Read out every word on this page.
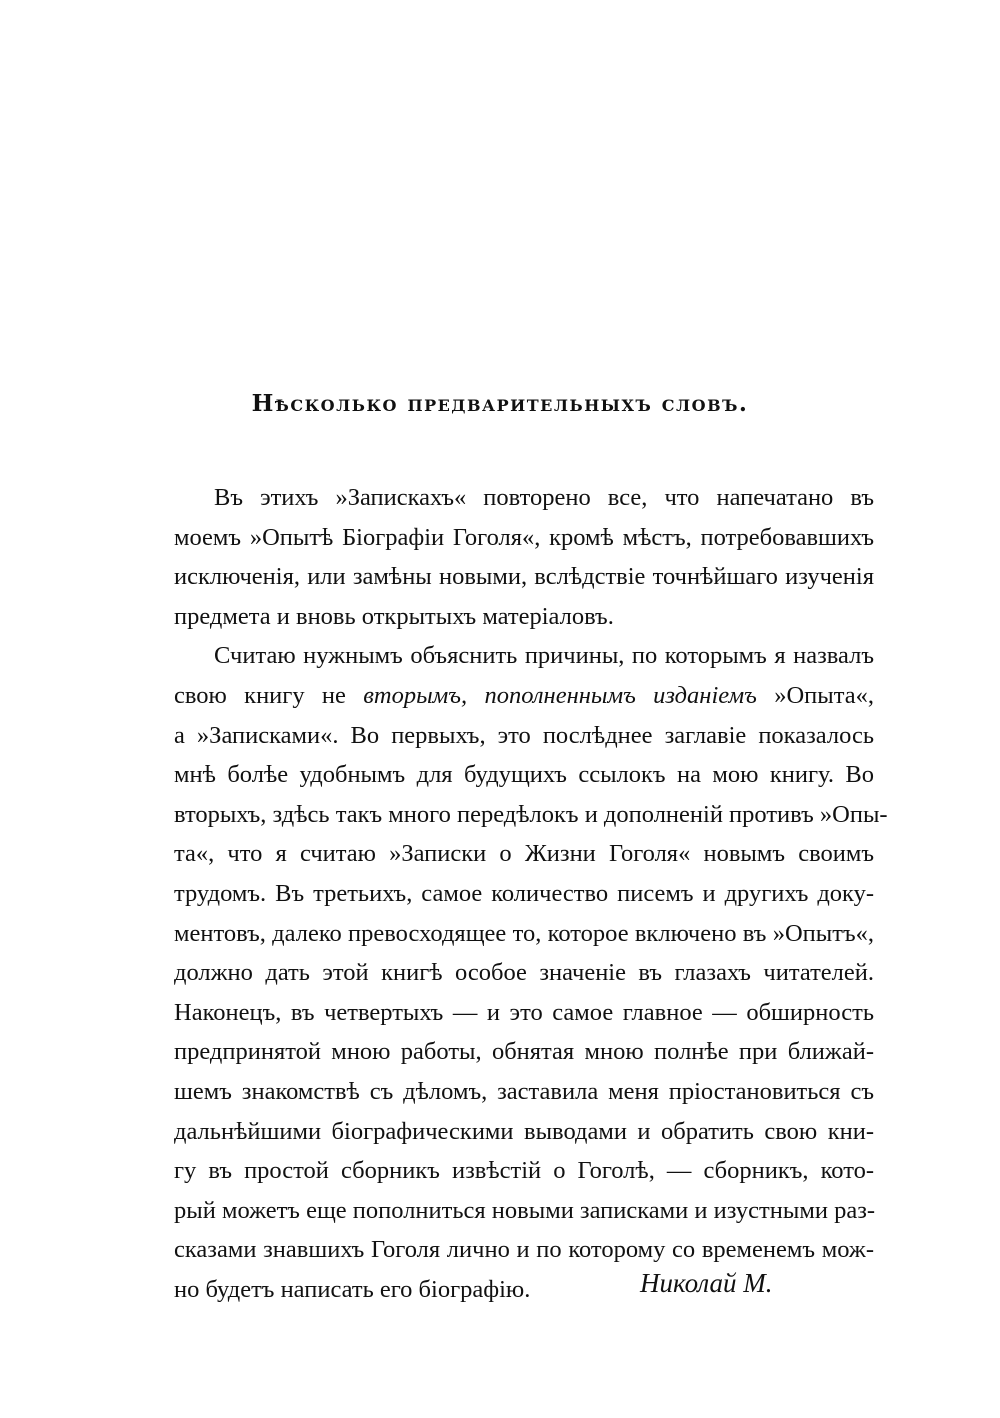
Нѣсколько предварительныхъ словъ.
Въ этихъ »Запискахъ« повторено все, что напечатано въ
моемъ »Опытѣ Біографіи Гоголя«, кромѣ мѣстъ, потребовавшихъ
исключенія, или замѣны новыми, вслѣдствіе точнѣйшаго изученія
предмета и вновь открытыхъ матеріаловъ.
Считаю нужнымъ объяснить причины, по которымъ я назвалъ
свою книгу не вторымъ, пополненнымъ изданіемъ »Опыта«,
а »Записками«. Во первыхъ, это послѣднее заглавіе показалось
мнѣ болѣе удобнымъ для будущихъ ссылокъ на мою книгу. Во
вторыхъ, здѣсь такъ много передѣлокъ и дополненій противъ »Опы-
та«, что я считаю »Записки о Жизни Гоголя« новымъ своимъ
трудомъ. Въ третьихъ, самое количество писемъ и другихъ доку-
ментовъ, далеко превосходящее то, которое включено въ »Опытъ«,
должно дать этой книгѣ особое значеніе въ глазахъ читателей.
Наконецъ, въ четвертыхъ — и это самое главное — обширность
предпринятой мною работы, обнятая мною полнѣе при ближай-
шемъ знакомствѣ съ дѣломъ, заставила меня пріостановиться съ
дальнѣйшими біографическими выводами и обратить свою кни-
гу въ простой сборникъ извѣстій о Гоголѣ, — сборникъ, кото-
рый можетъ еще пополниться новыми записками и изустными раз-
сказами знавшихъ Гоголя лично и по которому со временемъ мож-
но будетъ написать его біографію.	Николай М.
